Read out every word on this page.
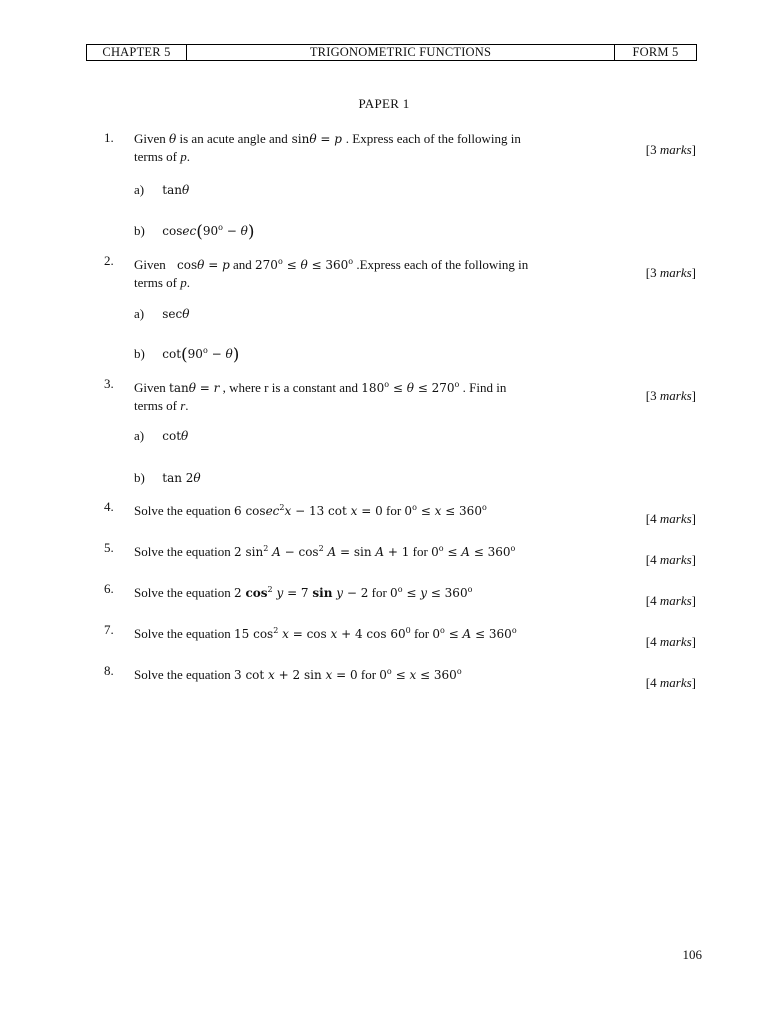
CHAPTER 5	TRIGONOMETRIC FUNCTIONS	FORM 5
PAPER 1
1. Given θ is an acute angle and sinθ = p . Express each of the following in
terms of p.	[3 marks]
a) tanθ
b) $cosec(90^o - \theta)$
2. Given cosθ = p and $270^o \le \theta \le 360^o$ .Express each of the following in
terms of p.
[3 marks]
a) secθ
b) $\cot(90^o - \theta)$
3. Given tanθ = r , where r is a constant and $180^o \le \theta \le 270^o$ . Find in
terms of r.
[3 marks]
a) cotθ
b) tan 2θ
4. Solve the equation 6 cosec$^2$x − 13 cot x = 0 for $0^o \le x \le 360^o$
[4 marks]
5. Solve the equation 2 $\sin^2 A - \cos^2 A = \sin A + 1$ for $0^o \le A \le 360^o$
[4 marks]
6. Solve the equation 2 $\cos^2 y = 7$ sin y − 2 for $0^o \le y \le 360^o$
[4 marks]
7. Solve the equation 15 $\cos^2 x = \cos x + 4$ $\cos 60^0$ for $0^o \le A \le 360^o$
[4 marks]
8. Solve the equation 3 cot x + 2 sin x = 0 for $0^o \le x \le 360^o$
[4 marks]
106
